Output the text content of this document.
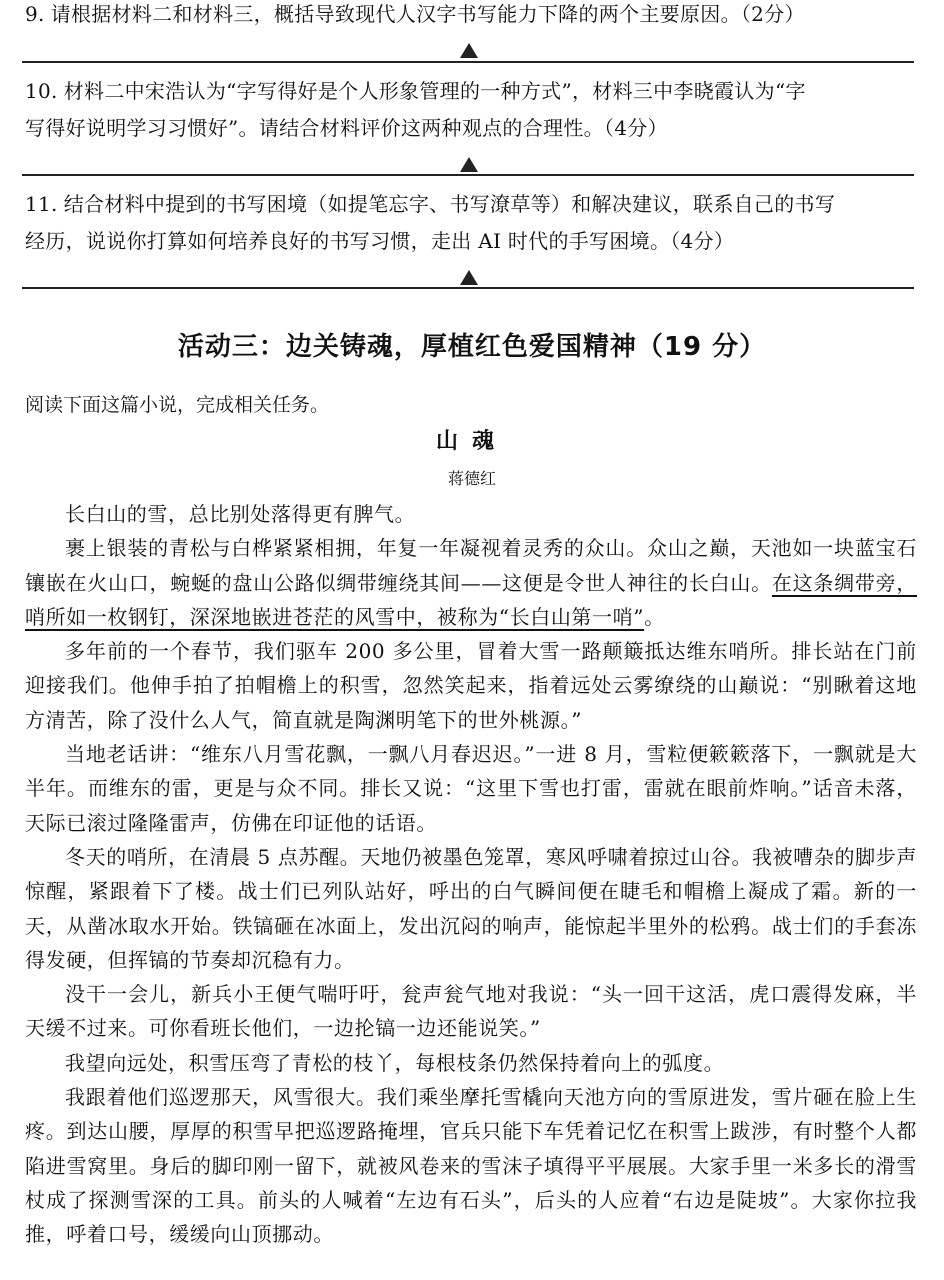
9. 请根据材料二和材料三，概括导致现代人汉字书写能力下降的两个主要原因。（2分）
10. 材料二中宋浩认为“字写得好是个人形象管理的一种方式”，材料三中李晓霞认为“字
写得好说明学习习惯好”。请结合材料评价这两种观点的合理性。（4分）
11. 结合材料中提到的书写困境（如提笔忘字、书写潦草等）和解决建议，联系自己的书写
经历，说说你打算如何培养良好的书写习惯，走出 AI 时代的手写困境。（4分）
活动三：边关铸魂，厚植红色爱国精神（19 分）
阅读下面这篇小说，完成相关任务。
山魂
蒋德红

长白山的雪，总比别处落得更有脾气。

裹上银装的青松与白桦紧紧相拥，年复一年凝视着灵秀的众山。众山之巅，天池如一块蓝宝石镶嵌在火山口，蜿蜒的盘山公路似绸带缠绕其间——这便是令世人神往的长白山。在这条绸带旁，哨所如一枚钢钉，深深地嵌进苍茫的风雪中，被称为“长白山第一哨”。

多年前的一个春节，我们驱车 200 多公里，冒着大雪一路颠簸抵达维东哨所。排长站在门前迎接我们。他伸手拍了拍帽檐上的积雪，忽然笑起来，指着远处云雾缭绕的山巅说：“别瞅着这地方清苦，除了没什么人气，简直就是陶渊明笔下的世外桃源。”

当地老话讲：“维东八月雪花飘，一飘八月春迟迟。”一进 8 月，雪粒便簌簌落下，一飘就是大半年。而维东的雷，更是与众不同。排长又说：“这里下雪也打雷，雷就在眼前炸响。”话音未落，天际已滚过隆隆雷声，仿佛在印证他的话语。

冬天的哨所，在清晨 5 点苏醒。天地仍被墨色笼罩，寒风呼啸着掠过山谷。我被嘈杂的脚步声惊醒，紧跟着下了楼。战士们已列队站好，呼出的白气瞬间便在睫毛和帽檐上凝成了霜。新的一天，从凿冰取水开始。铁镐砸在冰面上，发出沉闷的响声，能惊起半里外的松鸦。战士们的手套冻得发硬，但挥镐的节奏却沉稳有力。

没干一会儿，新兵小王便气喘吁吁，瓮声瓮气地对我说：“头一回干这活，虎口震得发麻，半天缓不过来。可你看班长他们，一边抡镐一边还能说笑。”

我望向远处，积雪压弯了青松的枝丫，每根枝条仍然保持着向上的弧度。

我跟着他们巡逻那天，风雪很大。我们乘坐摩托雪橇向天池方向的雪原进发，雪片砸在脸上生疼。到达山腰，厚厚的积雪早把巡逻路掩埋，官兵只能下车凭着记忆在积雪上跋涉，有时整个人都陷进雪窝里。身后的脚印刚一留下，就被风卷来的雪沫子填得平平展展。大家手里一米多长的滑雪杖成了探测雪深的工具。前头的人喊着“左边有石头”，后头的人应着“右边是陡坡”。大家你拉我推，呼着口号，缓缓向山顶挪动。
